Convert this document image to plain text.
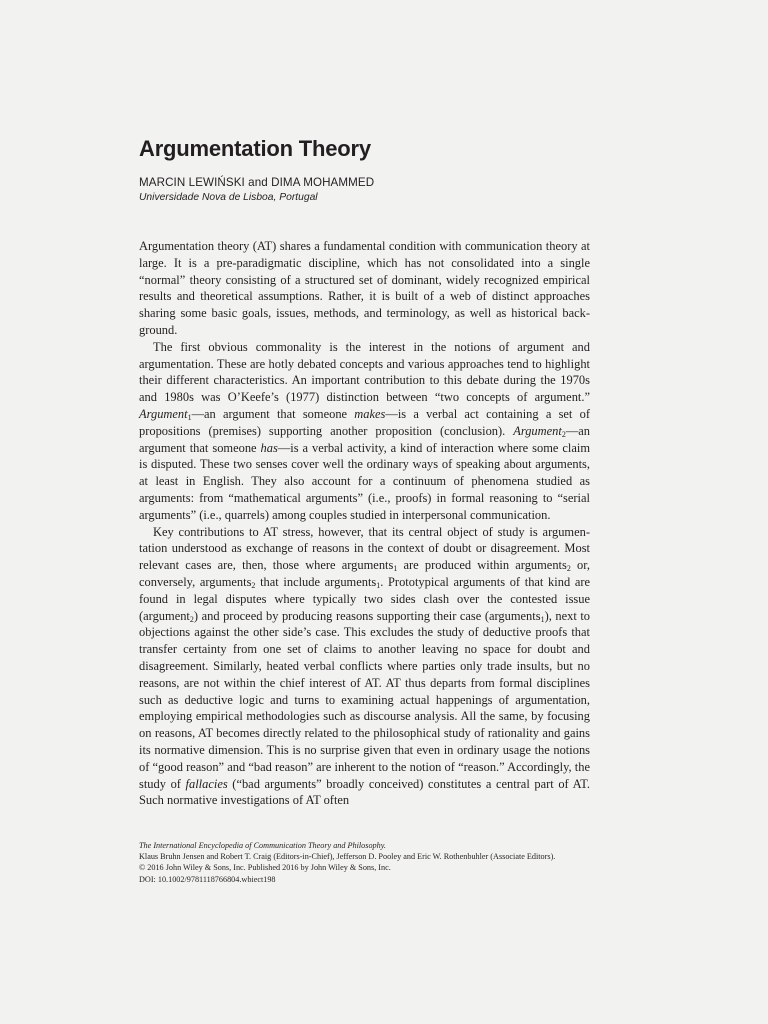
Argumentation Theory
MARCIN LEWIŃSKI and DIMA MOHAMMED
Universidade Nova de Lisboa, Portugal

Argumentation theory (AT) shares a fundamental condition with communication theory at large. It is a pre-paradigmatic discipline, which has not consolidated into a single “normal” theory consisting of a structured set of dominant, widely recognized empirical results and theoretical assumptions. Rather, it is built of a web of distinct approaches sharing some basic goals, issues, methods, and terminology, as well as historical background.

The first obvious commonality is the interest in the notions of argument and argumentation. These are hotly debated concepts and various approaches tend to highlight their different characteristics. An important contribution to this debate during the 1970s and 1980s was O’Keefe’s (1977) distinction between “two concepts of argument.” Argument$_1$—an argument that someone makes—is a verbal act containing a set of propositions (premises) supporting another proposition (conclusion). Argument$_2$—an argument that someone has—is a verbal activity, a kind of interaction where some claim is disputed. These two senses cover well the ordinary ways of speaking about arguments, at least in English. They also account for a continuum of phenomena studied as arguments: from “mathematical arguments” (i.e., proofs) in formal reasoning to “serial arguments” (i.e., quarrels) among couples studied in interpersonal communication.

Key contributions to AT stress, however, that its central object of study is argumentation understood as exchange of reasons in the context of doubt or disagreement. Most relevant cases are, then, those where arguments$_1$ are produced within arguments$_2$ or, conversely, arguments$_2$ that include arguments$_1$. Prototypical arguments of that kind are found in legal disputes where typically two sides clash over the contested issue (argument$_2$) and proceed by producing reasons supporting their case (arguments$_1$), next to objections against the other side’s case. This excludes the study of deductive proofs that transfer certainty from one set of claims to another leaving no space for doubt and disagreement. Similarly, heated verbal conflicts where parties only trade insults, but no reasons, are not within the chief interest of AT. AT thus departs from formal disciplines such as deductive logic and turns to examining actual happenings of argumentation, employing empirical methodologies such as discourse analysis. All the same, by focusing on reasons, AT becomes directly related to the philosophical study of rationality and gains its normative dimension. This is no surprise given that even in ordinary usage the notions of “good reason” and “bad reason” are inherent to the notion of “reason.” Accordingly, the study of fallacies (“bad arguments” broadly conceived) constitutes a central part of AT. Such normative investigations of AT often

The International Encyclopedia of Communication Theory and Philosophy.
Klaus Bruhn Jensen and Robert T. Craig (Editors-in-Chief), Jefferson D. Pooley and Eric W. Rothenbuhler (Associate Editors).
© 2016 John Wiley & Sons, Inc. Published 2016 by John Wiley & Sons, Inc.
DOI: 10.1002/9781118766804.wbiect198
